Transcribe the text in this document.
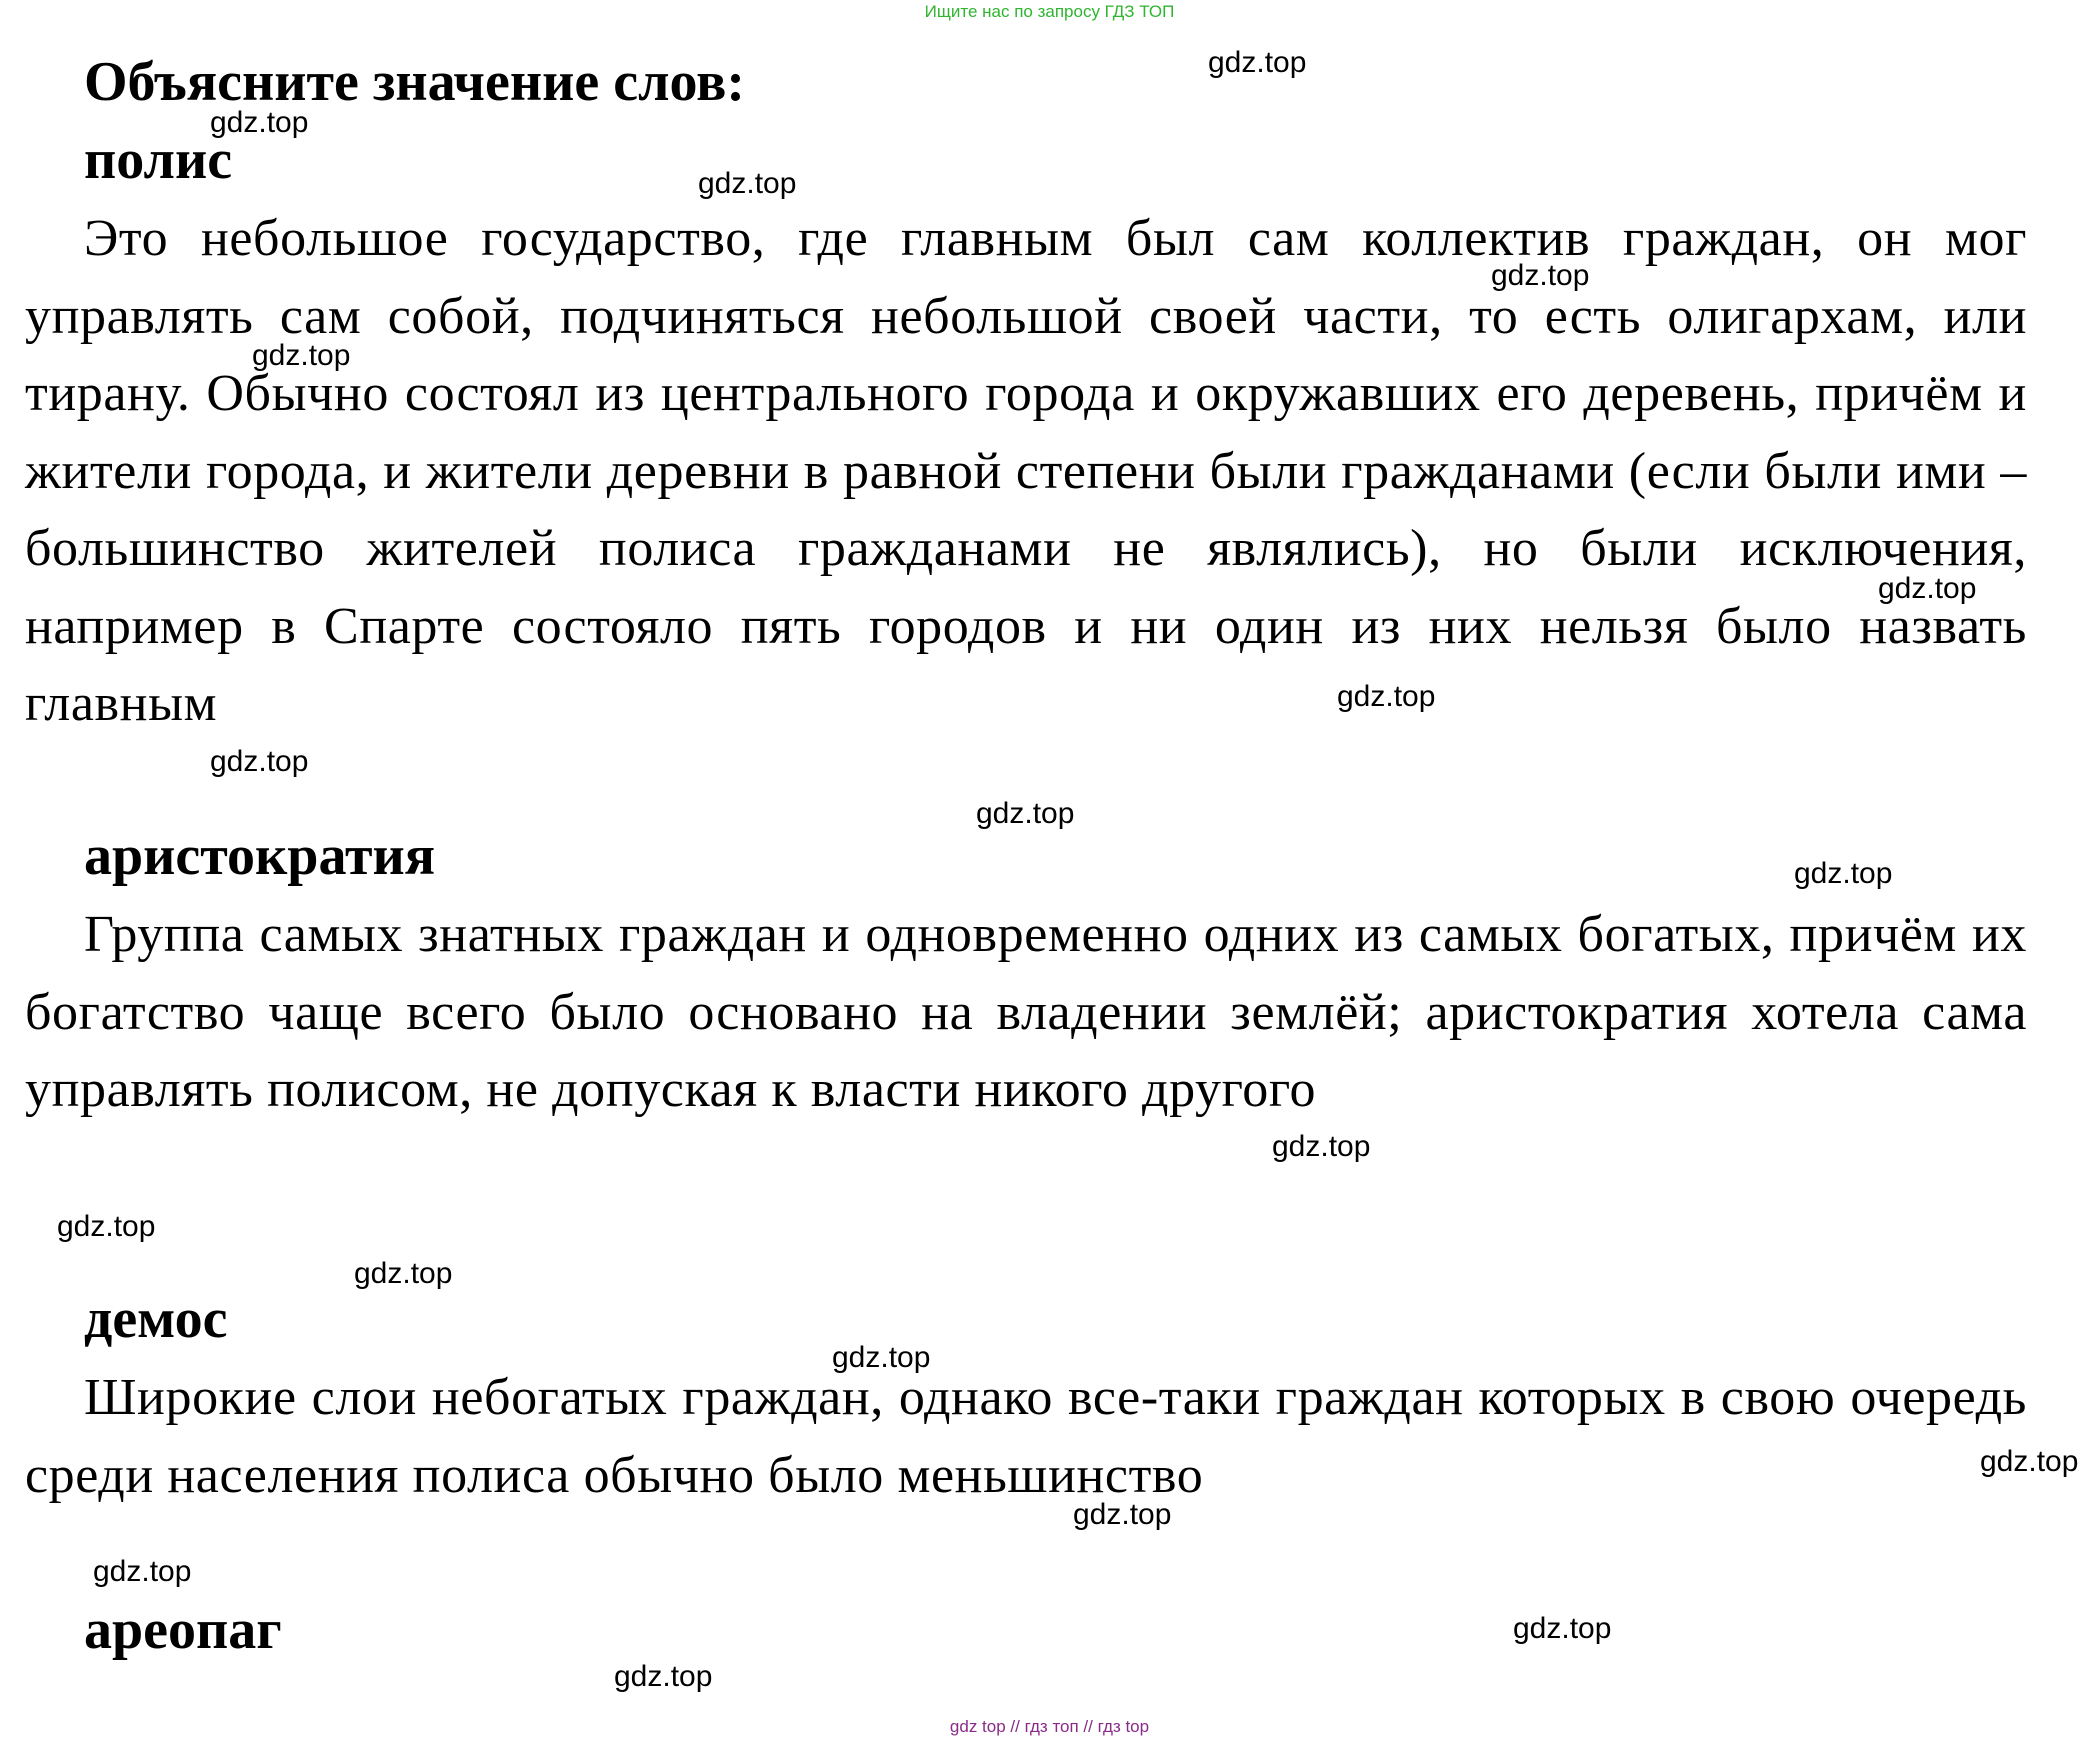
Ищите нас по запросу ГДЗ ТОП
Объясните значение слов:
полис

Это небольшое государство, где главным был сам коллектив граждан, он мог управлять сам собой, подчиняться небольшой своей части, то есть олигархам, или тирану. Обычно состоял из центрального города и окружавших его деревень, причём и жители города, и жители деревни в равной степени были гражданами (если были ими – большинство жителей полиса гражданами не являлись), но были исключения, например в Спарте состояло пять городов и ни один из них нельзя было назвать главным

аристократия

Группа самых знатных граждан и одновременно одних из самых богатых, причём их богатство чаще всего было основано на владении землёй; аристократия хотела сама управлять полисом, не допуская к власти никого другого

демос

Широкие слои небогатых граждан, однако все-таки граждан которых в свою очередь среди населения полиса обычно было меньшинство

ареопаг
gdz.top
gdz.top
gdz.top
gdz.top
gdz.top
gdz.top
gdz.top
gdz.top
gdz.top
gdz.top
gdz.top
gdz.top
gdz.top
gdz.top
gdz.top
gdz.top
gdz.top
gdz.top
gdz.top
gdz top // гдз топ // гдз top
